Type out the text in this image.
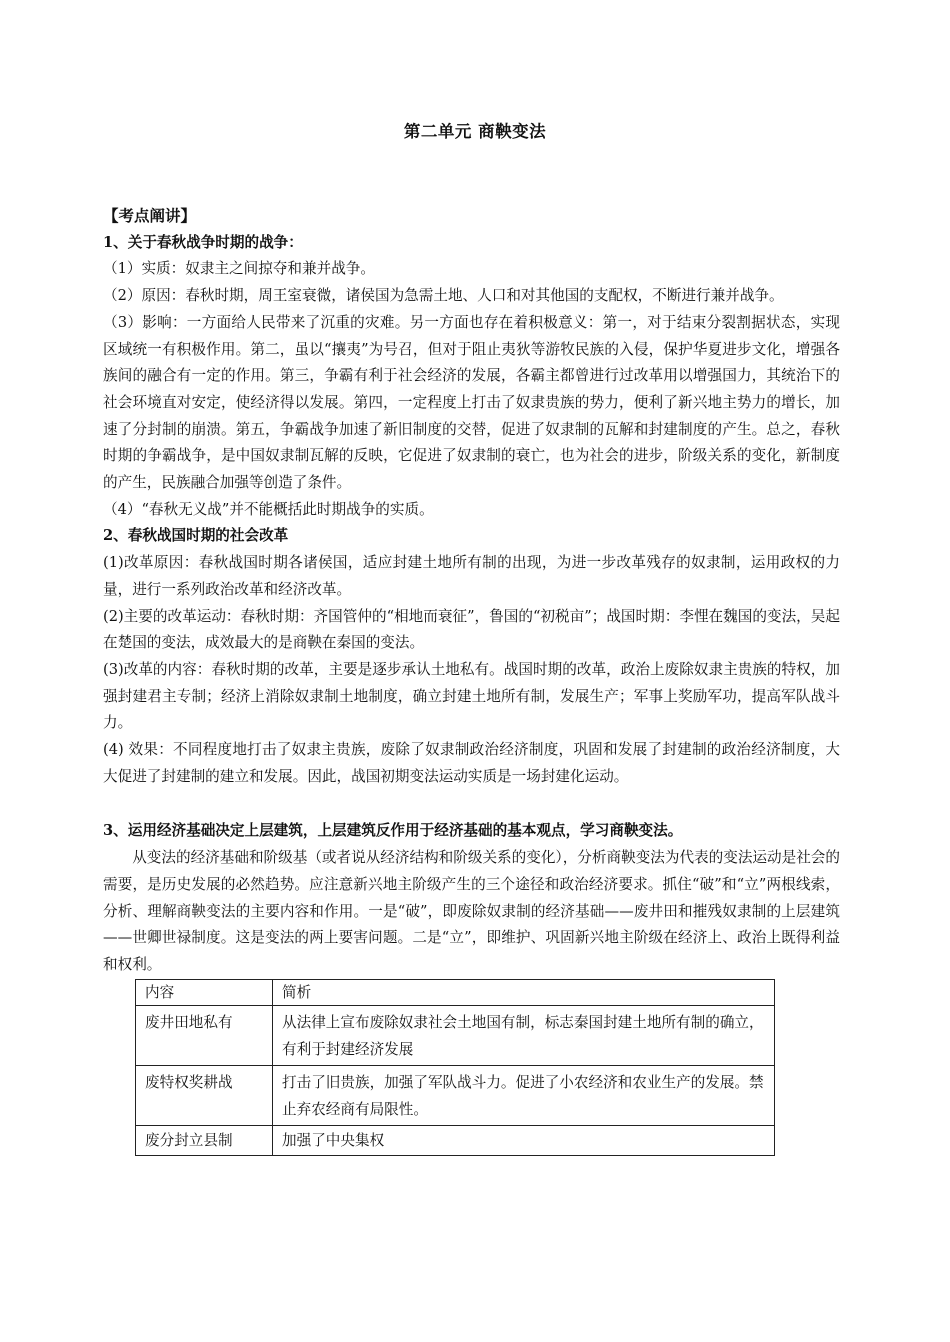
第二单元 商鞅变法

【考点阐讲】

1、关于春秋战争时期的战争：

（1）实质：奴隶主之间掠夺和兼并战争。

（2）原因：春秋时期，周王室衰微，诸侯国为急需土地、人口和对其他国的支配权，不断进行兼并战争。

（3）影响：一方面给人民带来了沉重的灾难。另一方面也存在着积极意义：第一，对于结束分裂割据状态，实现区域统一有积极作用。第二，虽以“攘夷”为号召，但对于阻止夷狄等游牧民族的入侵，保护华夏进步文化，增强各族间的融合有一定的作用。第三，争霸有利于社会经济的发展，各霸主都曾进行过改革用以增强国力，其统治下的社会环境直对安定，使经济得以发展。第四，一定程度上打击了奴隶贵族的势力，便利了新兴地主势力的增长，加速了分封制的崩溃。第五，争霸战争加速了新旧制度的交替，促进了奴隶制的瓦解和封建制度的产生。总之，春秋时期的争霸战争，是中国奴隶制瓦解的反映，它促进了奴隶制的衰亡，也为社会的进步，阶级关系的变化，新制度的产生，民族融合加强等创造了条件。

（4）“春秋无义战”并不能概括此时期战争的实质。

2、春秋战国时期的社会改革

(1)改革原因：春秋战国时期各诸侯国，适应封建土地所有制的出现，为进一步改革残存的奴隶制，运用政权的力量，进行一系列政治改革和经济改革。

(2)主要的改革运动：春秋时期：齐国管仲的“相地而衰征”，鲁国的“初税亩”；战国时期：李悝在魏国的变法，吴起在楚国的变法，成效最大的是商鞅在秦国的变法。

(3)改革的内容：春秋时期的改革，主要是逐步承认土地私有。战国时期的改革，政治上废除奴隶主贵族的特权，加强封建君主专制；经济上消除奴隶制土地制度，确立封建土地所有制，发展生产；军事上奖励军功，提高军队战斗力。

(4) 效果：不同程度地打击了奴隶主贵族，废除了奴隶制政治经济制度，巩固和发展了封建制的政治经济制度，大大促进了封建制的建立和发展。因此，战国初期变法运动实质是一场封建化运动。

3、运用经济基础决定上层建筑，上层建筑反作用于经济基础的基本观点，学习商鞅变法。

从变法的经济基础和阶级基（或者说从经济结构和阶级关系的变化），分析商鞅变法为代表的变法运动是社会的需要，是历史发展的必然趋势。应注意新兴地主阶级产生的三个途径和政治经济要求。抓住“破”和“立”两根线索，分析、理解商鞅变法的主要内容和作用。一是“破”，即废除奴隶制的经济基础——废井田和摧残奴隶制的上层建筑——世卿世禄制度。这是变法的两上要害问题。二是“立”，即维护、巩固新兴地主阶级在经济上、政治上既得利益和权利。

内容	简析
废井田地私有	从法律上宣布废除奴隶社会土地国有制，标志秦国封建土地所有制的确立，有利于封建经济发展
废特权奖耕战	打击了旧贵族，加强了军队战斗力。促进了小农经济和农业生产的发展。禁止弃农经商有局限性。
废分封立县制	加强了中央集权
